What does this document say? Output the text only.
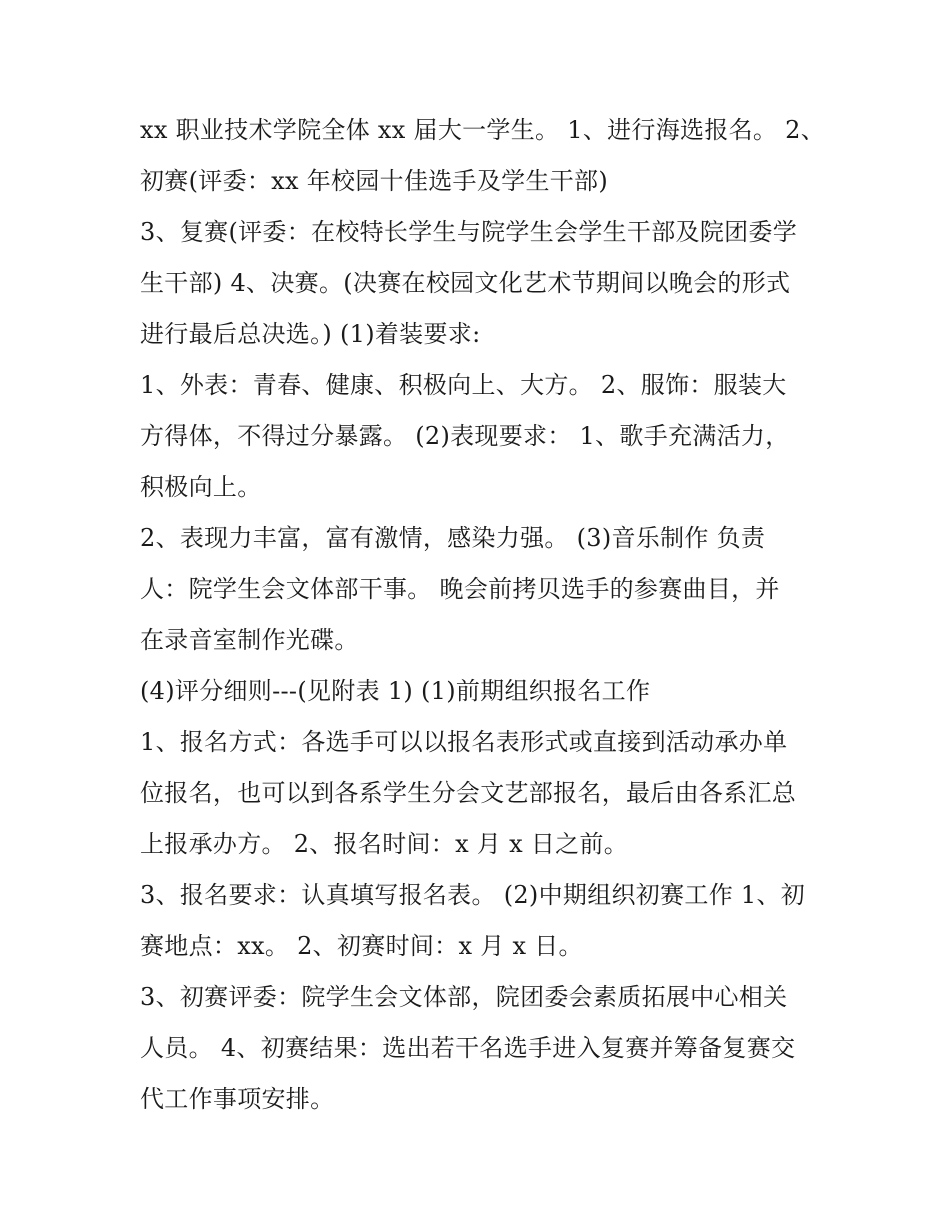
xx 职业技术学院全体 xx 届大一学生。 1、进行海选报名。 2、
初赛(评委：xx 年校园十佳选手及学生干部)
3、复赛(评委：在校特长学生与院学生会学生干部及院团委学
生干部) 4、决赛。(决赛在校园文化艺术节期间以晚会的形式
进行最后总决选。) (1)着装要求:
1、外表：青春、健康、积极向上、大方。 2、服饰：服装大
方得体，不得过分暴露。 (2)表现要求： 1、歌手充满活力，
积极向上。
2、表现力丰富，富有激情，感染力强。 (3)音乐制作 负责
人：院学生会文体部干事。 晚会前拷贝选手的参赛曲目，并
在录音室制作光碟。
(4)评分细则---(见附表 1) (1)前期组织报名工作
1、报名方式：各选手可以以报名表形式或直接到活动承办单
位报名，也可以到各系学生分会文艺部报名，最后由各系汇总
上报承办方。 2、报名时间：x 月 x 日之前。
3、报名要求：认真填写报名表。 (2)中期组织初赛工作 1、初
赛地点：xx。 2、初赛时间：x 月 x 日。
3、初赛评委：院学生会文体部，院团委会素质拓展中心相关
人员。 4、初赛结果：选出若干名选手进入复赛并筹备复赛交
代工作事项安排。
